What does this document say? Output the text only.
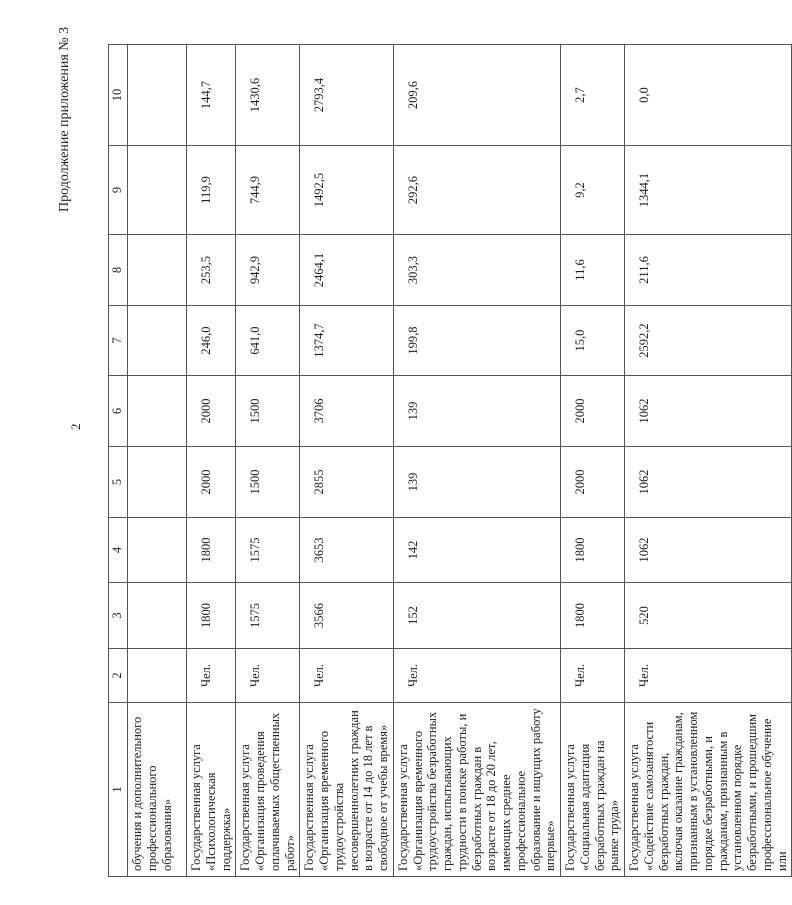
2
Продолжение приложения № 3
1	2	3	4	5	6	7	8	9	10
обучения и дополнительного профессионального образования»									
Государственная услуга «Психологическая поддержка»	Чел.	1800	1800	2000	2000	246,0	253,5	119,9	144,7
Государственная услуга «Организация проведения оплачиваемых общественных работ»	Чел.	1575	1575	1500	1500	641,0	942,9	744,9	1430,6
Государственная услуга «Организация временного трудоустройства несовершеннолетних граждан в возрасте от 14 до 18 лет в свободное от учебы время»	Чел.	3566	3653	2855	3706	1374,7	2464,1	1492,5	2793,4
Государственная услуга «Организация временного трудоустройства безработных граждан, испытывающих трудности в поиске работы, и безработных граждан в возрасте от 18 до 20 лет, имеющих среднее профессиональное образование и ищущих работу впервые»	Чел.	152	142	139	139	199,8	303,3	292,6	209,6
Государственная услуга «Социальная адаптация безработных граждан на рынке труда»	Чел.	1800	1800	2000	2000	15,0	11,6	9,2	2,7
Государственная услуга «Содействие самозанятости безработных граждан, включая оказание гражданам, признанным в установленном порядке безработными, и гражданам, признанным в установленном порядке безработными, и прошедшим профессиональное обучение или	Чел.	520	1062	1062	1062	2592,2	211,6	1344,1	0,0
